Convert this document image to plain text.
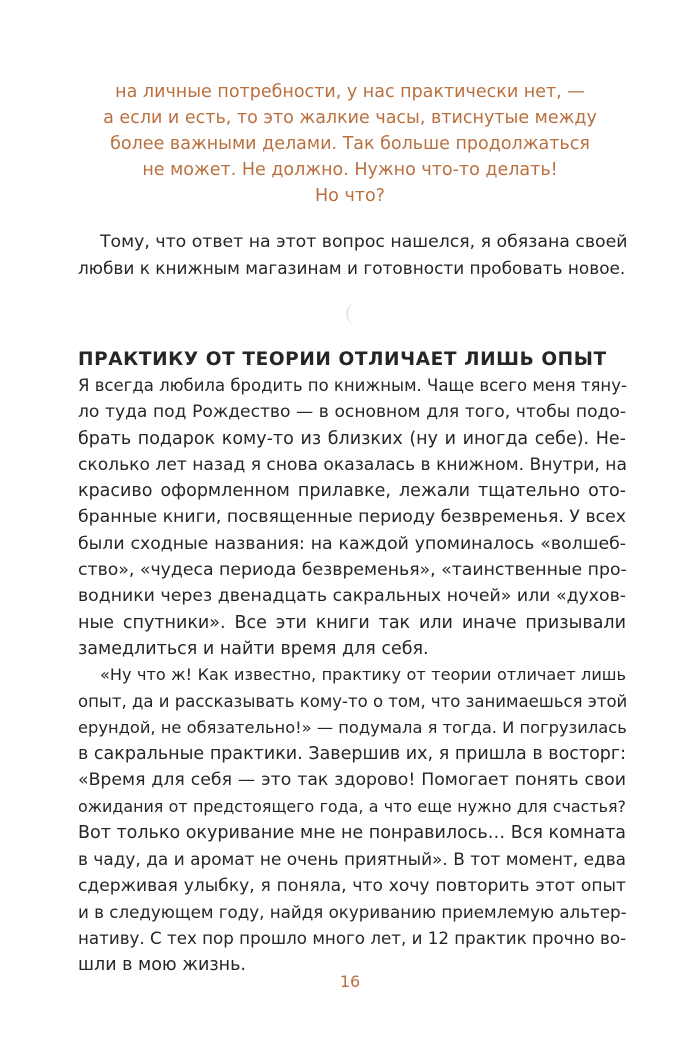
на личные потребности, у нас практически нет, —
а если и есть, то это жалкие часы, втиснутые между
более важными делами. Так больше продолжаться
не может. Не должно. Нужно что-то делать!
Но что?
Тому, что ответ на этот вопрос нашелся, я обязана своей
любви к книжным магазинам и готовности пробовать новое.
ПРАКТИКУ ОТ ТЕОРИИ ОТЛИЧАЕТ ЛИШЬ ОПЫТ
Я всегда любила бродить по книжным. Чаще всего меня тяну-
ло туда под Рождество — в основном для того, чтобы подо-
брать подарок кому-то из близких (ну и иногда себе). Не-
сколько лет назад я снова оказалась в книжном. Внутри, на
красиво оформленном прилавке, лежали тщательно ото-
бранные книги, посвященные периоду безвременья. У всех
были сходные названия: на каждой упоминалось «волшеб-
ство», «чудеса периода безвременья», «таинственные про-
водники через двенадцать сакральных ночей» или «духов-
ные спутники». Все эти книги так или иначе призывали
замедлиться и найти время для себя.
«Ну что ж! Как известно, практику от теории отличает лишь
опыт, да и рассказывать кому-то о том, что занимаешься этой
ерундой, не обязательно!» — подумала я тогда. И погрузилась
в сакральные практики. Завершив их, я пришла в восторг:
«Время для себя — это так здорово! Помогает понять свои
ожидания от предстоящего года, а что еще нужно для счастья?
Вот только окуривание мне не понравилось… Вся комната
в чаду, да и аромат не очень приятный». В тот момент, едва
сдерживая улыбку, я поняла, что хочу повторить этот опыт
и в следующем году, найдя окуриванию приемлемую альтер-
нативу. С тех пор прошло много лет, и 12 практик прочно во-
шли в мою жизнь.
16
